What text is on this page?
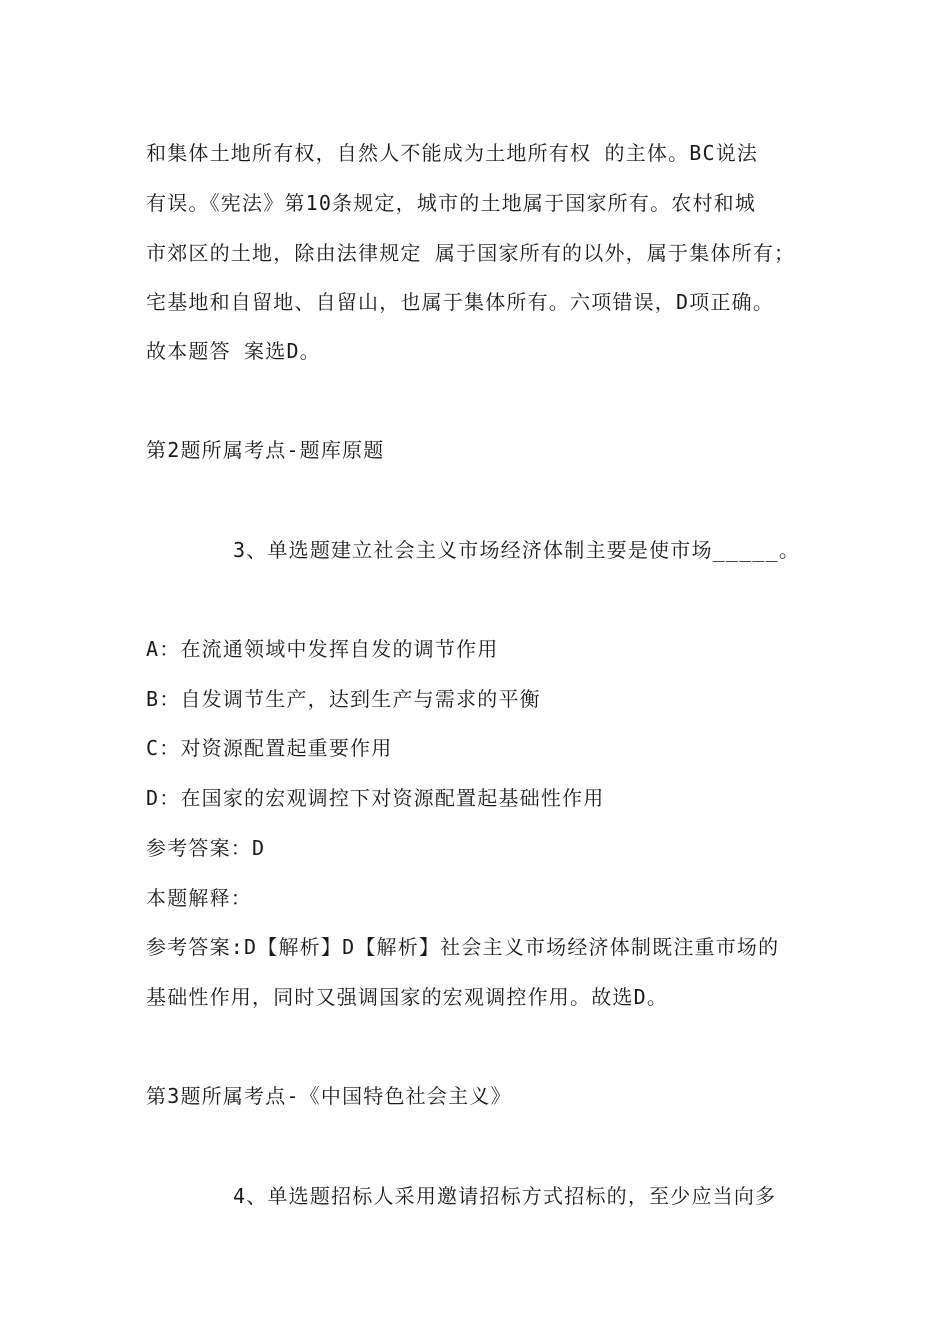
和集体土地所有权，自然人不能成为土地所有权 的主体。BC说法
有误。《宪法》第10条规定，城市的土地属于国家所有。农村和城
市郊区的土地，除由法律规定 属于国家所有的以外，属于集体所有；
宅基地和自留地、自留山，也属于集体所有。六项错误，D项正确。
故本题答 案选D。
第2题所属考点-题库原题
3、单选题建立社会主义市场经济体制主要是使市场_____。
A：在流通领域中发挥自发的调节作用
B：自发调节生产，达到生产与需求的平衡
C：对资源配置起重要作用
D：在国家的宏观调控下对资源配置起基础性作用
参考答案：D
本题解释：
参考答案:D【解析】D【解析】社会主义市场经济体制既注重市场的
基础性作用，同时又强调国家的宏观调控作用。故选D。
第3题所属考点-《中国特色社会主义》
4、单选题招标人采用邀请招标方式招标的，至少应当向多
